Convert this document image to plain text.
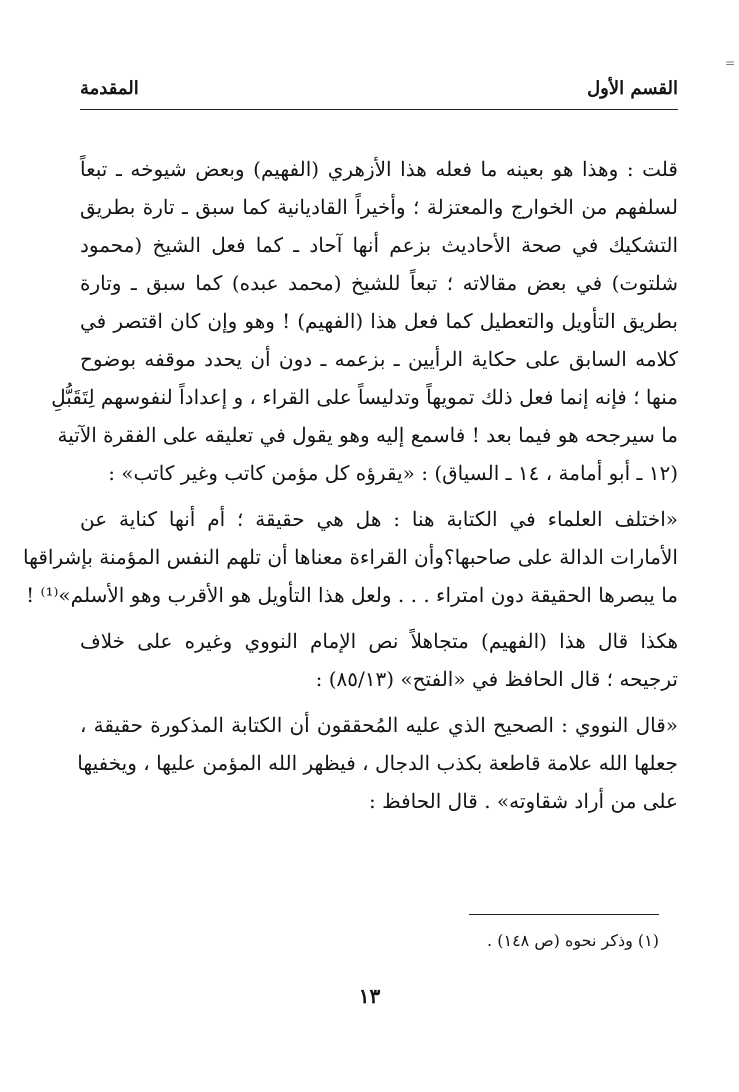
=
القسم الأول
المقدمة
قلت : وهذا هو بعينه ما فعله هذا الأزهري (الفهيم) وبعض شيوخه ـ تبعاً
لسلفهم من الخوارج والمعتزلة ؛ وأخيراً القاديانية كما سبق ـ تارة بطريق
التشكيك في صحة الأحاديث بزعم أنها آحاد ـ كما فعل الشيخ (محمود
شلتوت) في بعض مقالاته ؛ تبعاً للشيخ (محمد عبده) كما سبق ـ وتارة
بطريق التأويل والتعطيل كما فعل هذا (الفهيم) ! وهو وإن كان اقتصر في
كلامه السابق على حكاية الرأيين ـ بزعمه ـ دون أن يحدد موقفه بوضوح
منها ؛ فإنه إنما فعل ذلك تمويهاً وتدليساً على القراء ، و إعداداً لنفوسهم لِتَقَبُّلِ
ما سيرجحه هو فيما بعد ! فاسمع إليه وهو يقول في تعليقه على الفقرة الآتية
(١٢ ـ أبو أمامة ، ١٤ ـ السياق) : «يقرؤه كل مؤمن كاتب وغير كاتب» :
«اختلف العلماء في الكتابة هنا : هل هي حقيقة ؛ أم أنها كناية عن
الأمارات الدالة على صاحبها؟وأن القراءة معناها أن تلهم النفس المؤمنة بإشراقها
ما يبصرها الحقيقة دون امتراء . . . ولعل هذا التأويل هو الأقرب وهو الأسلم»⁽¹⁾ !
هكذا قال هذا (الفهيم) متجاهلاً نص الإمام النووي وغيره على خلاف
ترجيحه ؛ قال الحافظ في «الفتح» (٨٥/١٣) :
«قال النووي : الصحيح الذي عليه المُحققون أن الكتابة المذكورة حقيقة ،
جعلها الله علامة قاطعة بكذب الدجال ، فيظهر الله المؤمن عليها ، ويخفيها
على من أراد شقاوته» . قال الحافظ :
(١) وذكر نحوه (ص ١٤٨) .
١٣
